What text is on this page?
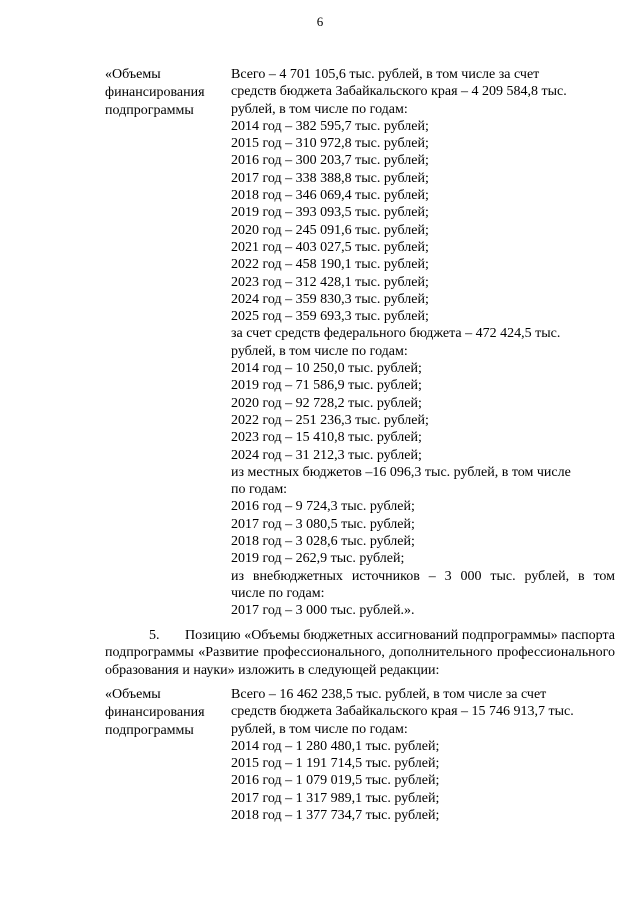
6
«Объемы
финансирования
подпрограммы
Всего – 4 701 105,6 тыс. рублей, в том числе за счет
средств бюджета Забайкальского края – 4 209 584,8 тыс.
рублей, в том числе по годам:
2014 год – 382 595,7 тыс. рублей;
2015 год – 310 972,8 тыс. рублей;
2016 год – 300 203,7 тыс. рублей;
2017 год – 338 388,8 тыс. рублей;
2018 год – 346 069,4 тыс. рублей;
2019 год – 393 093,5 тыс. рублей;
2020 год – 245 091,6 тыс. рублей;
2021 год – 403 027,5 тыс. рублей;
2022 год – 458 190,1 тыс. рублей;
2023 год – 312 428,1 тыс. рублей;
2024 год – 359 830,3 тыс. рублей;
2025 год – 359 693,3 тыс. рублей;
за счет средств федерального бюджета – 472 424,5 тыс.
рублей, в том числе по годам:
2014 год – 10 250,0 тыс. рублей;
2019 год – 71 586,9 тыс. рублей;
2020 год – 92 728,2 тыс. рублей;
2022 год – 251 236,3 тыс. рублей;
2023 год – 15 410,8 тыс. рублей;
2024 год – 31 212,3 тыс. рублей;
из местных бюджетов –16 096,3 тыс. рублей, в том числе
по годам:
2016 год – 9 724,3 тыс. рублей;
2017 год – 3 080,5 тыс. рублей;
2018 год – 3 028,6 тыс. рублей;
2019 год – 262,9 тыс. рублей;
из внебюджетных источников – 3 000 тыс. рублей, в том
числе по годам:
2017 год – 3 000 тыс. рублей.».
5. Позицию «Объемы бюджетных ассигнований подпрограммы» паспорта подпрограммы «Развитие профессионального, дополнительного профессионального образования и науки» изложить в следующей редакции:
«Объемы
финансирования
подпрограммы
Всего – 16 462 238,5 тыс. рублей, в том числе за счет
средств бюджета Забайкальского края – 15 746 913,7 тыс.
рублей, в том числе по годам:
2014 год – 1 280 480,1 тыс. рублей;
2015 год – 1 191 714,5 тыс. рублей;
2016 год – 1 079 019,5 тыс. рублей;
2017 год – 1 317 989,1 тыс. рублей;
2018 год – 1 377 734,7 тыс. рублей;
